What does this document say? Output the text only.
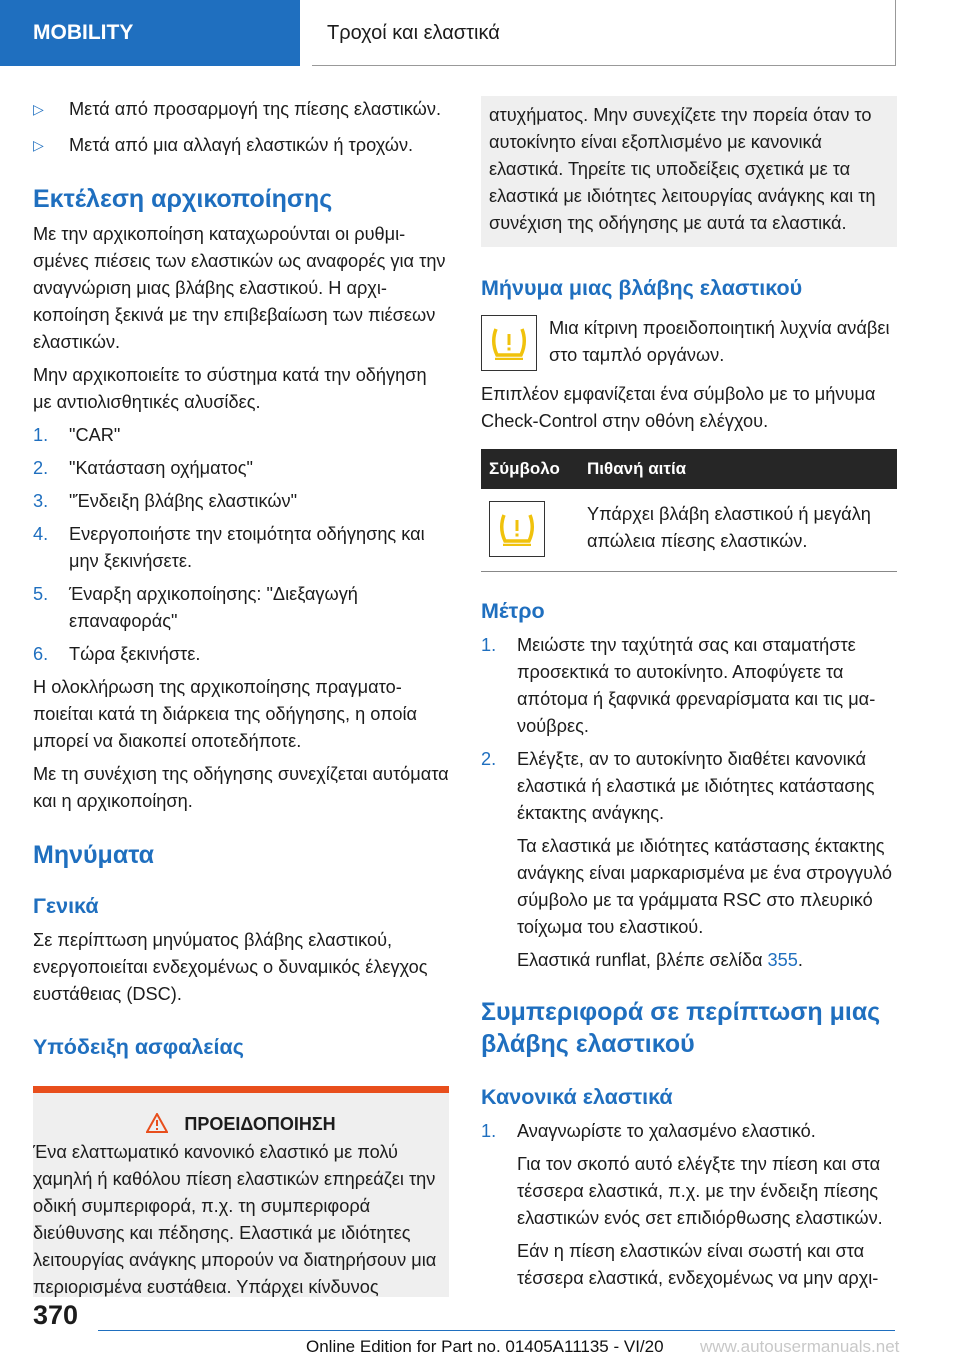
MOBILITY	Τροχοί και ελαστικά
▷ Μετά από προσαρμογή της πίεσης ελαστικών.
▷ Μετά από μια αλλαγή ελαστικών ή τροχών.
Εκτέλεση αρχικοποίησης

Με την αρχικοποίηση καταχωρούνται οι ρυθμισμένες πιέσεις των ελαστικών ως αναφορές για την αναγνώριση μιας βλάβης ελαστικού. Η αρχικοποίηση ξεκινά με την επιβεβαίωση των πιέσεων ελαστικών.

Μην αρχικοποιείτε το σύστημα κατά την οδήγηση με αντιολισθητικές αλυσίδες.

1. "CAR"
2. "Κατάσταση οχήματος"
3. "Ένδειξη βλάβης ελαστικών"
4. Ενεργοποιήστε την ετοιμότητα οδήγησης και μην ξεκινήσετε.
5. Έναρξη αρχικοποίησης: "Διεξαγωγή επαναφοράς"
6. Τώρα ξεκινήστε.

Η ολοκλήρωση της αρχικοποίησης πραγματοποιείται κατά τη διάρκεια της οδήγησης, η οποία μπορεί να διακοπεί οποτεδήποτε.

Με τη συνέχιση της οδήγησης συνεχίζεται αυτόματα και η αρχικοποίηση.

Μηνύματα
Γενικά

Σε περίπτωση μηνύματος βλάβης ελαστικού, ενεργοποιείται ενδεχομένως ο δυναμικός έλεγχος ευστάθειας (DSC).

Υπόδειξη ασφαλείας
ΠΡΟΕΙΔΟΠΟΙΗΣΗ
Ένα ελαττωματικό κανονικό ελαστικό με πολύ χαμηλή ή καθόλου πίεση ελαστικών επηρεάζει την οδική συμπεριφορά, π.χ. τη συμπεριφορά διεύθυνσης και πέδησης. Ελαστικά με ιδιότητες λειτουργίας ανάγκης μπορούν να διατηρήσουν μια περιορισμένα ευστάθεια. Υπάρχει κίνδυνος
ατυχήματος. Μην συνεχίζετε την πορεία όταν το αυτοκίνητο είναι εξοπλισμένο με κανονικά ελαστικά. Τηρείτε τις υποδείξεις σχετικά με τα ελαστικά με ιδιότητες λειτουργίας ανάγκης και τη συνέχιση της οδήγησης με αυτά τα ελαστικά.
Μήνυμα μιας βλάβης ελαστικού
Μια κίτρινη προειδοποιητική λυχνία ανάβει στο ταμπλό οργάνων.

Επιπλέον εμφανίζεται ένα σύμβολο με το μήνυμα Check-Control στην οθόνη ελέγχου.

Σύμβολο	Πιθανή αιτία

	Υπάρχει βλάβη ελαστικού ή μεγάλη απώλεια πίεσης ελαστικών.
Μέτρο
1. Μειώστε την ταχύτητά σας και σταματήστε προσεκτικά το αυτοκίνητο. Αποφύγετε τα απότομα ή ξαφνικά φρεναρίσματα και τις μανούβρες.
2. Ελέγξτε, αν το αυτοκίνητο διαθέτει κανονικά ελαστικά ή ελαστικά με ιδιότητες κατάστασης έκτακτης ανάγκης.

Τα ελαστικά με ιδιότητες κατάστασης έκτακτης ανάγκης είναι μαρκαρισμένα με ένα στρογγυλό σύμβολο με τα γράμματα RSC στο πλευρικό τοίχωμα του ελαστικού.

Ελαστικά runflat, βλέπε σελίδα 355.

Συμπεριφορά σε περίπτωση μιας βλάβης ελαστικού
Κανονικά ελαστικά
1. Αναγνωρίστε το χαλασμένο ελαστικό.

Για τον σκοπό αυτό ελέγξτε την πίεση και στα τέσσερα ελαστικά, π.χ. με την ένδειξη πίεσης ελαστικών ενός σετ επιδιόρθωσης ελαστικών.

Εάν η πίεση ελαστικών είναι σωστή και στα τέσσερα ελαστικά, ενδεχομένως να μην αρχι-

370
Online Edition for Part no. 01405A11135 - VI/20 www.autousermanuals.net
